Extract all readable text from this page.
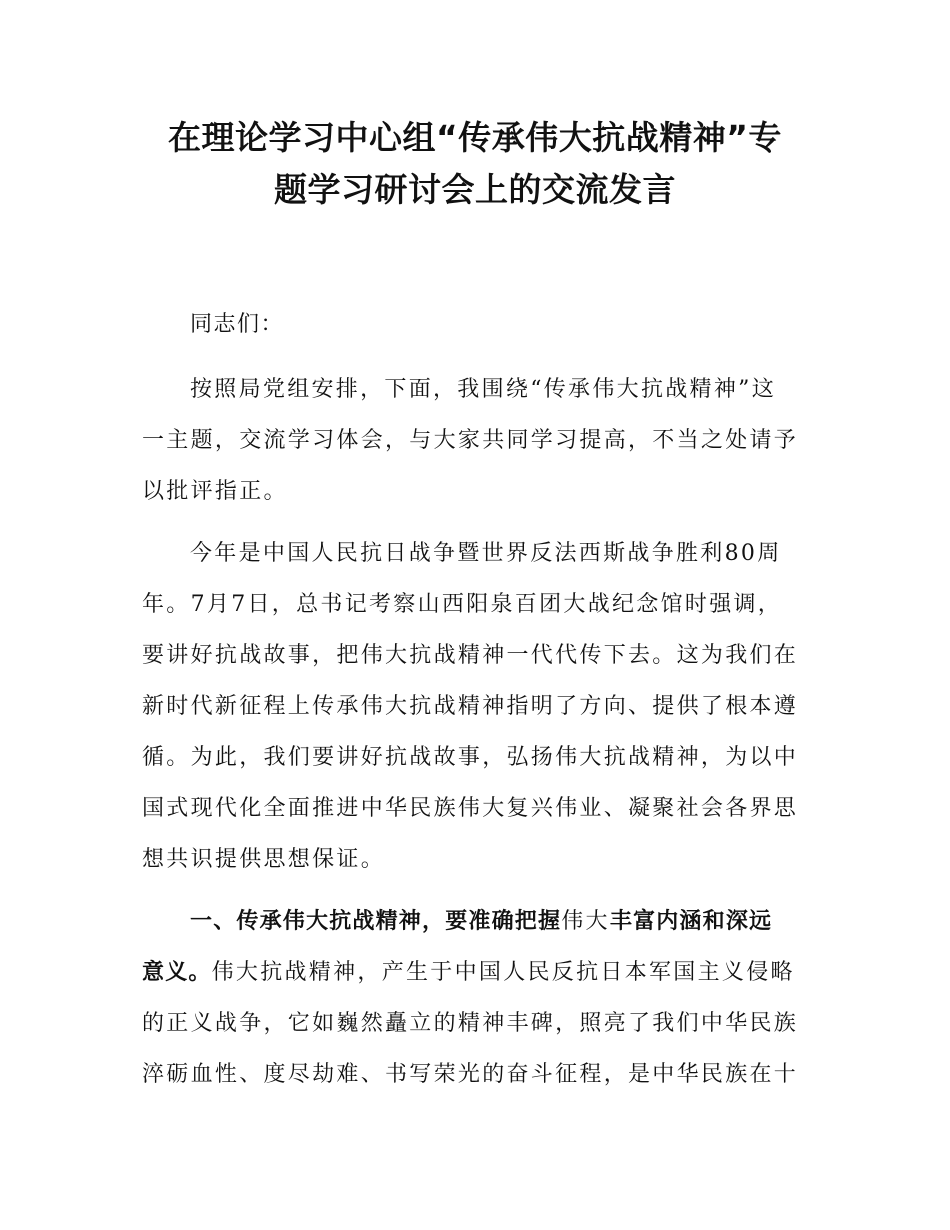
在理论学习中心组“传承伟大抗战精神”专
题学习研讨会上的交流发言
同志们：
按照局党组安排，下面，我围绕“传承伟大抗战精神”这
一主题，交流学习体会，与大家共同学习提高，不当之处请予
以批评指正。
今年是中国人民抗日战争暨世界反法西斯战争胜利80周
年。7月7日，总书记考察山西阳泉百团大战纪念馆时强调，
要讲好抗战故事，把伟大抗战精神一代代传下去。这为我们在
新时代新征程上传承伟大抗战精神指明了方向、提供了根本遵
循。为此，我们要讲好抗战故事，弘扬伟大抗战精神，为以中
国式现代化全面推进中华民族伟大复兴伟业、凝聚社会各界思
想共识提供思想保证。
一、传承伟大抗战精神，要准确把握伟大丰富内涵和深远
意义。伟大抗战精神，产生于中国人民反抗日本军国主义侵略
的正义战争，它如巍然矗立的精神丰碑，照亮了我们中华民族
淬砺血性、度尽劫难、书写荣光的奋斗征程，是中华民族在十
